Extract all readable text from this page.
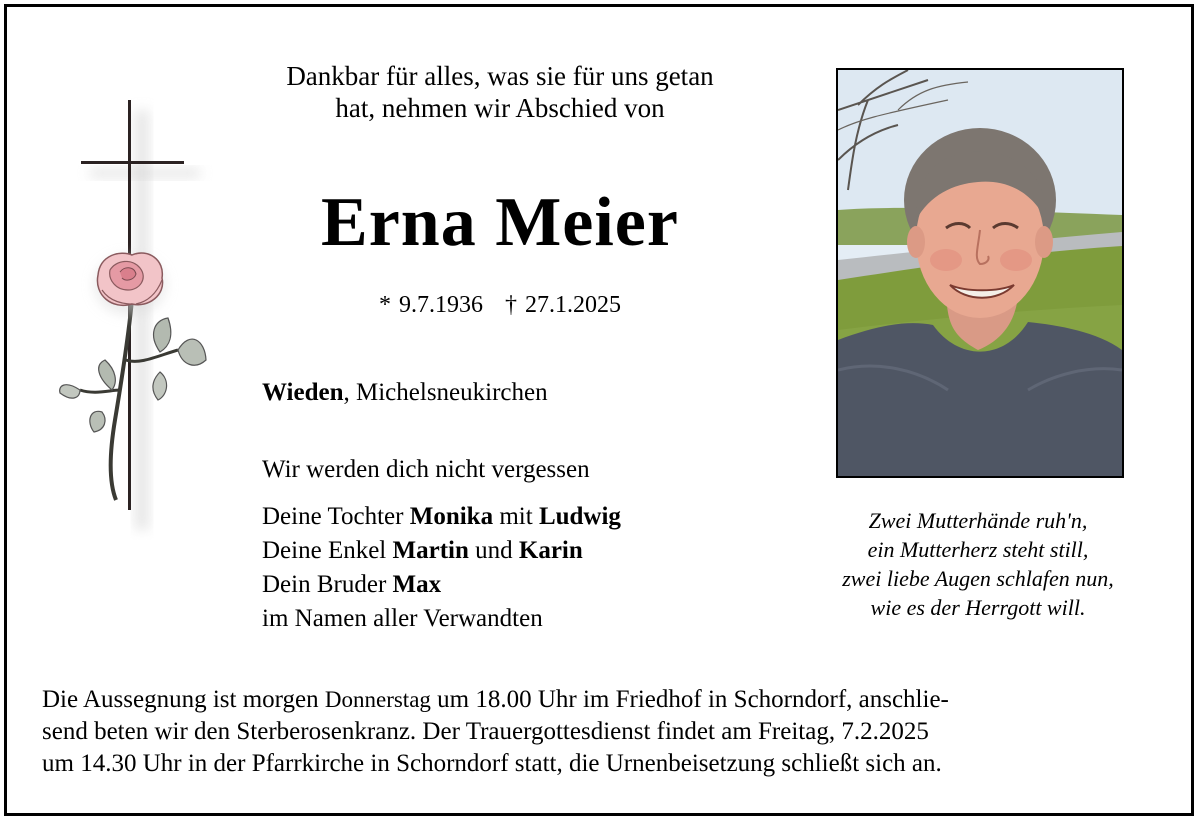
Dankbar für alles, was sie für uns getan
hat, nehmen wir Abschied von
Erna Meier
* 9.7.1936 † 27.1.2025
Wieden, Michelsneukirchen
Wir werden dich nicht vergessen
Deine Tochter Monika mit Ludwig
Deine Enkel Martin und Karin
Dein Bruder Max
im Namen aller Verwandten
Zwei Mutterhände ruh'n,
ein Mutterherz steht still,
zwei liebe Augen schlafen nun,
wie es der Herrgott will.
Die Aussegnung ist morgen Donnerstag um 18.00 Uhr im Friedhof in Schorndorf, anschlie-
send beten wir den Sterberosenkranz. Der Trauergottesdienst findet am Freitag, 7.2.2025
um 14.30 Uhr in der Pfarrkirche in Schorndorf statt, die Urnenbeisetzung schließt sich an.
